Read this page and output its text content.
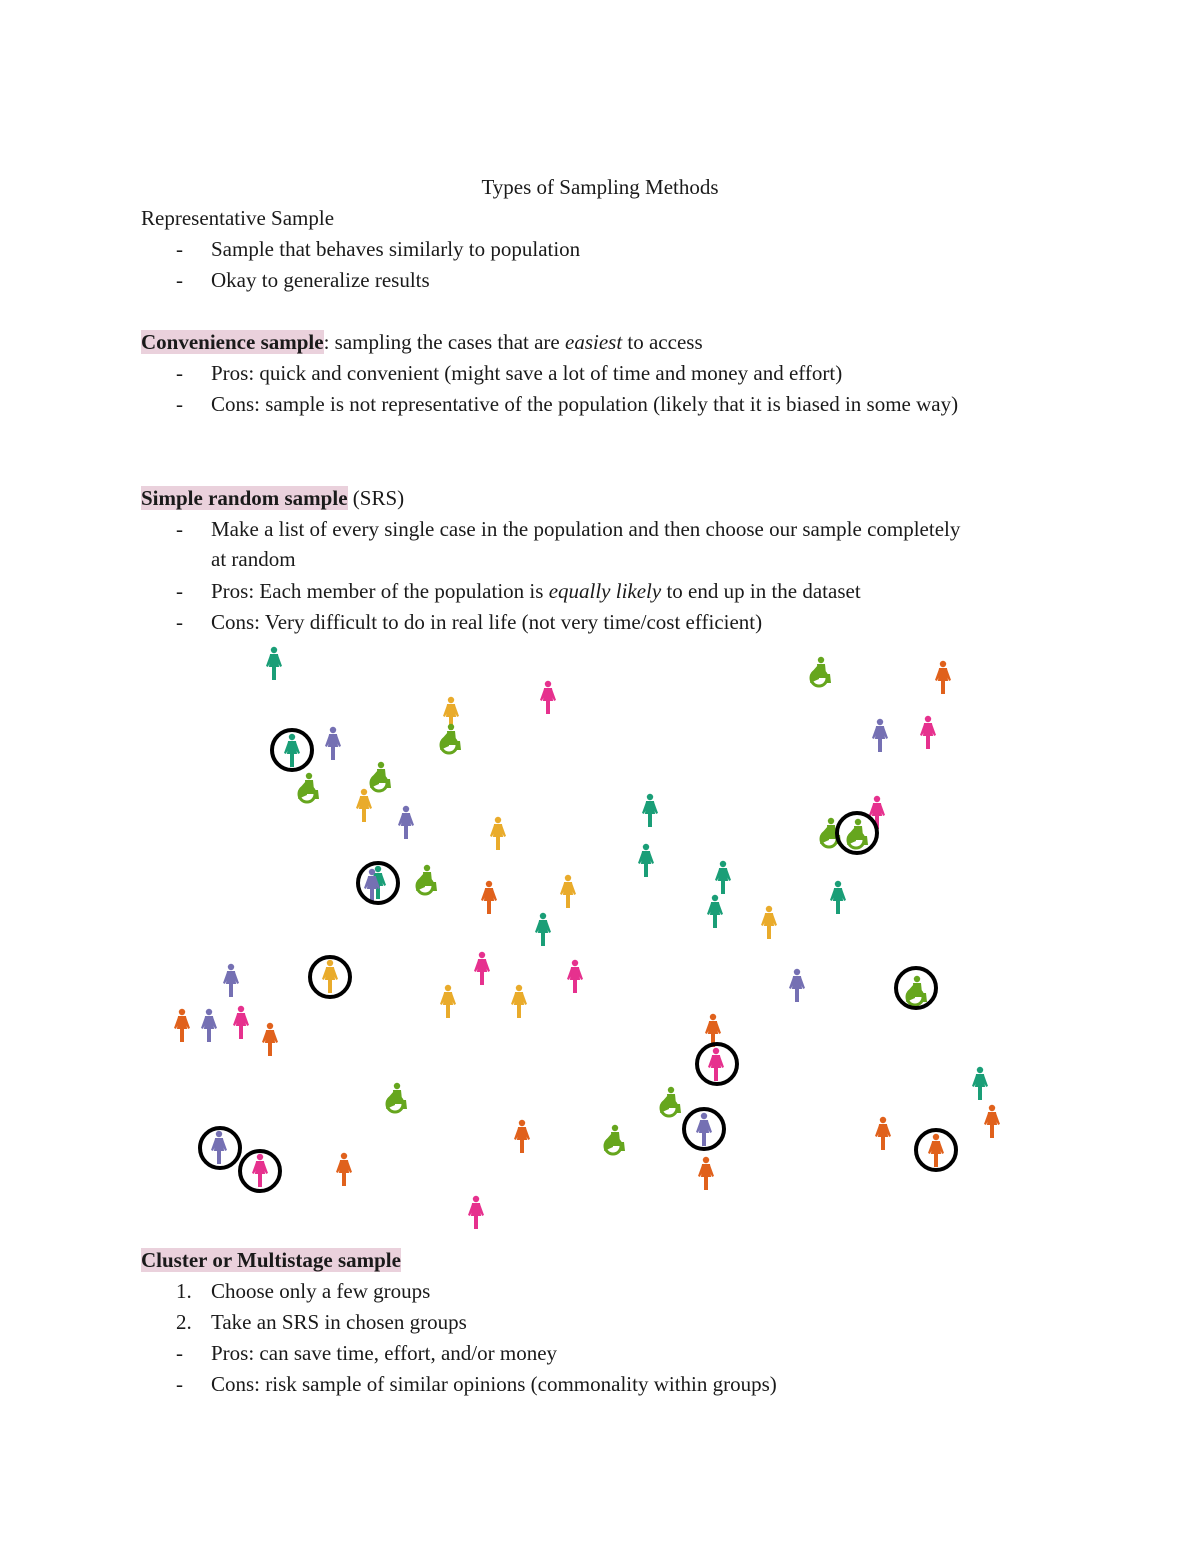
Types of Sampling Methods
Representative Sample
- Sample that behaves similarly to population
- Okay to generalize results
Convenience sample: sampling the cases that are easiest to access
- Pros: quick and convenient (might save a lot of time and money and effort)
- Cons: sample is not representative of the population (likely that it is biased in some way)
Simple random sample (SRS)
- Make a list of every single case in the population and then choose our sample completely
at random
- Pros: Each member of the population is equally likely to end up in the dataset
- Cons: Very difficult to do in real life (not very time/cost efficient)
Cluster or Multistage sample
1. Choose only a few groups
2. Take an SRS in chosen groups
- Pros: can save time, effort, and/or money
- Cons: risk sample of similar opinions (commonality within groups)
